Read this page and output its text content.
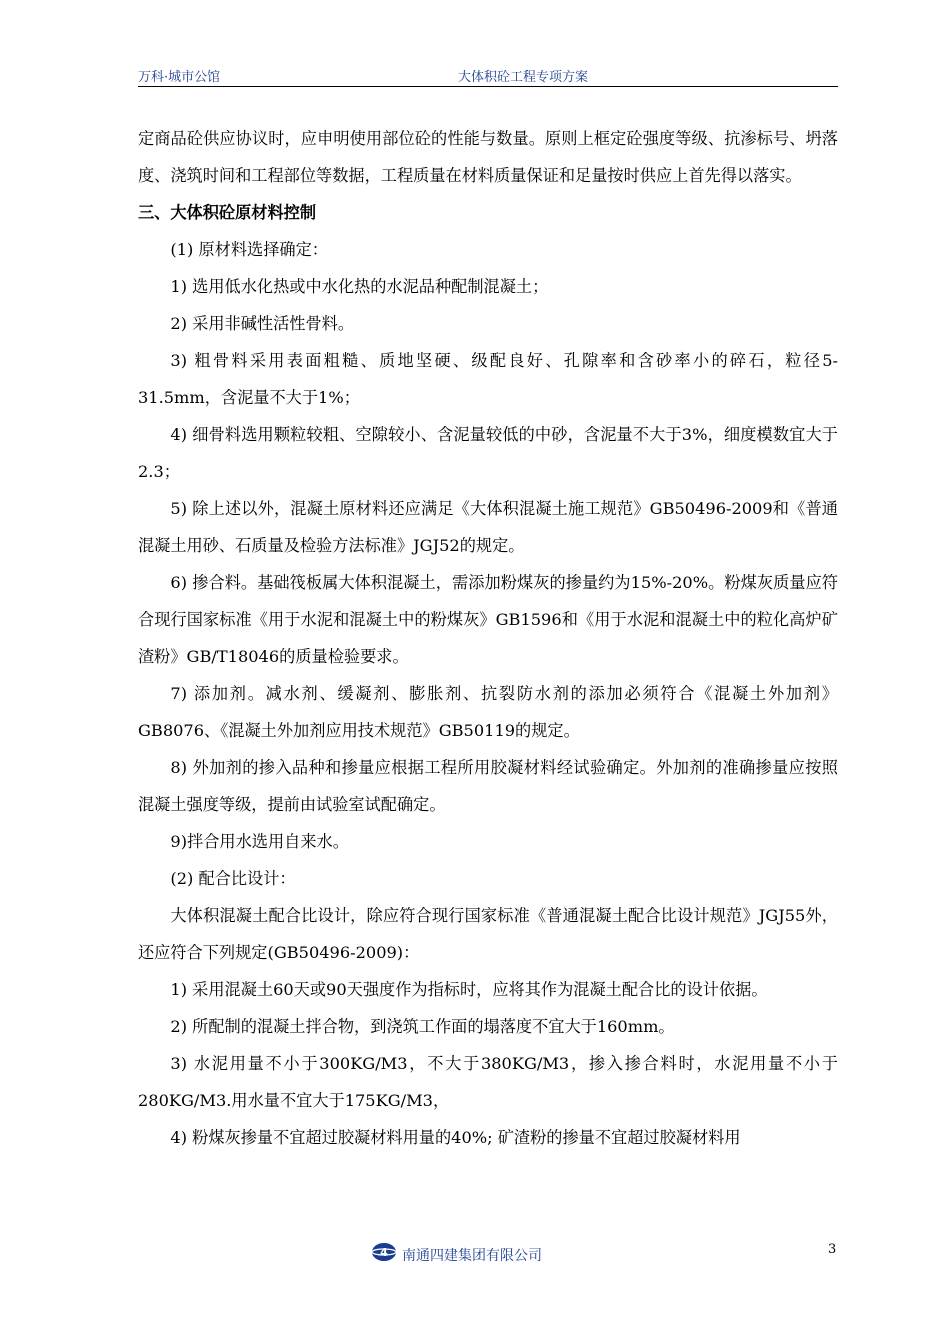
万科·城市公馆	大体积砼工程专项方案

定商品砼供应协议时，应申明使用部位砼的性能与数量。原则上框定砼强度等级、抗渗标号、坍落度、浇筑时间和工程部位等数据，工程质量在材料质量保证和足量按时供应上首先得以落实。

三、大体积砼原材料控制

(1) 原材料选择确定：

1) 选用低水化热或中水化热的水泥品种配制混凝土；

2) 采用非碱性活性骨料。

3) 粗骨料采用表面粗糙、质地坚硬、级配良好、孔隙率和含砂率小的碎石，粒径5-31.5mm，含泥量不大于1%；

4) 细骨料选用颗粒较粗、空隙较小、含泥量较低的中砂，含泥量不大于3%，细度模数宜大于2.3；

5) 除上述以外，混凝土原材料还应满足《大体积混凝土施工规范》GB50496-2009和《普通混凝土用砂、石质量及检验方法标准》JGJ52的规定。

6) 掺合料。基础筏板属大体积混凝土，需添加粉煤灰的掺量约为15%-20%。粉煤灰质量应符合现行国家标准《用于水泥和混凝土中的粉煤灰》GB1596和《用于水泥和混凝土中的粒化高炉矿渣粉》GB/T18046的质量检验要求。

7) 添加剂。减水剂、缓凝剂、膨胀剂、抗裂防水剂的添加必须符合《混凝土外加剂》GB8076、《混凝土外加剂应用技术规范》GB50119的规定。

8) 外加剂的掺入品种和掺量应根据工程所用胶凝材料经试验确定。外加剂的准确掺量应按照混凝土强度等级，提前由试验室试配确定。

9)拌合用水选用自来水。

(2) 配合比设计：

大体积混凝土配合比设计，除应符合现行国家标准《普通混凝土配合比设计规范》JGJ55外，还应符合下列规定(GB50496-2009)：

1) 采用混凝土60天或90天强度作为指标时，应将其作为混凝土配合比的设计依据。

2) 所配制的混凝土拌合物，到浇筑工作面的塌落度不宜大于160mm。

3) 水泥用量不小于300KG/M3，不大于380KG/M3，掺入掺合料时，水泥用量不小于280KG/M3.用水量不宜大于175KG/M3，

4) 粉煤灰掺量不宜超过胶凝材料用量的40%; 矿渣粉的掺量不宜超过胶凝材料用

4 南通四建集团有限公司	3
